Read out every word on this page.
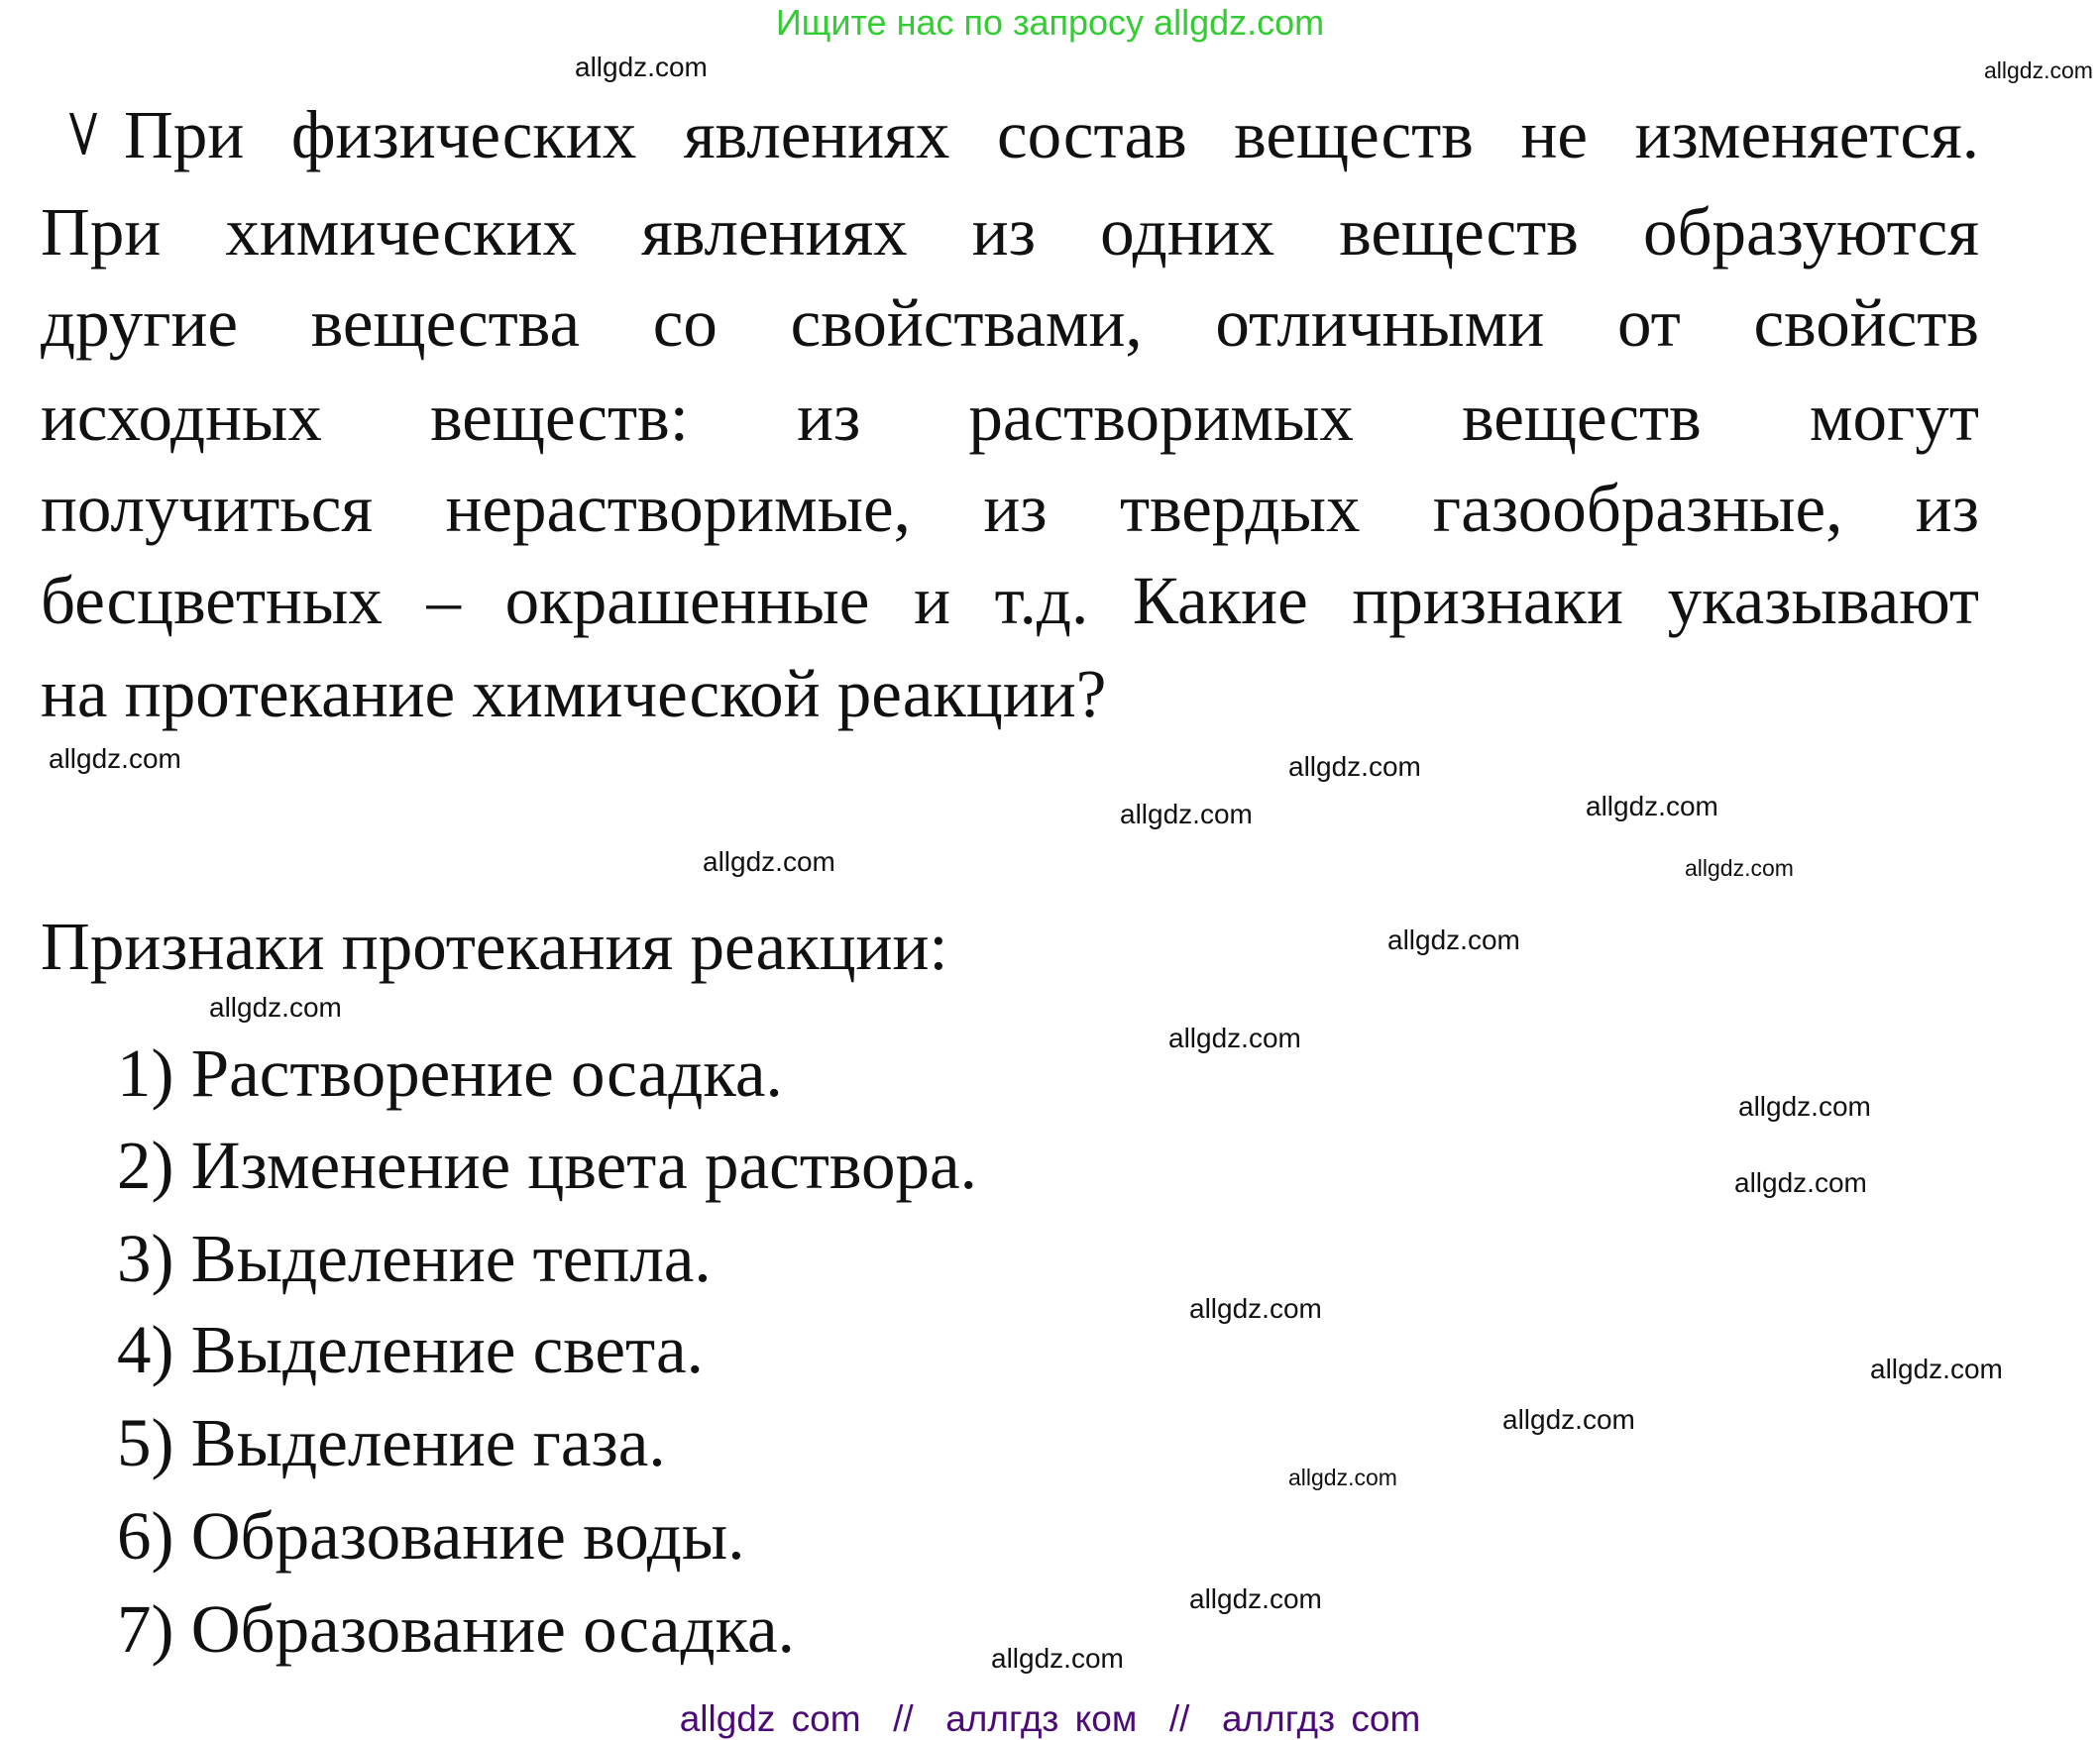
Ищите нас по запросу allgdz.com
При физических явлениях состав веществ не изменяется.
При химических явлениях из одних веществ образуются
другие вещества со свойствами, отличными от свойств
исходных веществ: из растворимых веществ могут
получиться нерастворимые, из твердых газообразные, из
бесцветных – окрашенные и т.д. Какие признаки указывают
на протекание химической реакции?
Признаки протекания реакции:
1) Растворение осадка.
2) Изменение цвета раствора.
3) Выделение тепла.
4) Выделение света.
5) Выделение газа.
6) Образование воды.
7) Образование осадка.
allgdz.com	allgdz.com
allgdz.com
allgdz.com
allgdz.com
allgdz.com
allgdz.com
allgdz.com
allgdz.com
allgdz.com
allgdz.com
allgdz.com
allgdz.com
allgdz.com
allgdz.com
allgdz.com
allgdz.com
allgdz.com
allgdz.com
allgdz com  //  аллгдз ком  //  аллгдз com
